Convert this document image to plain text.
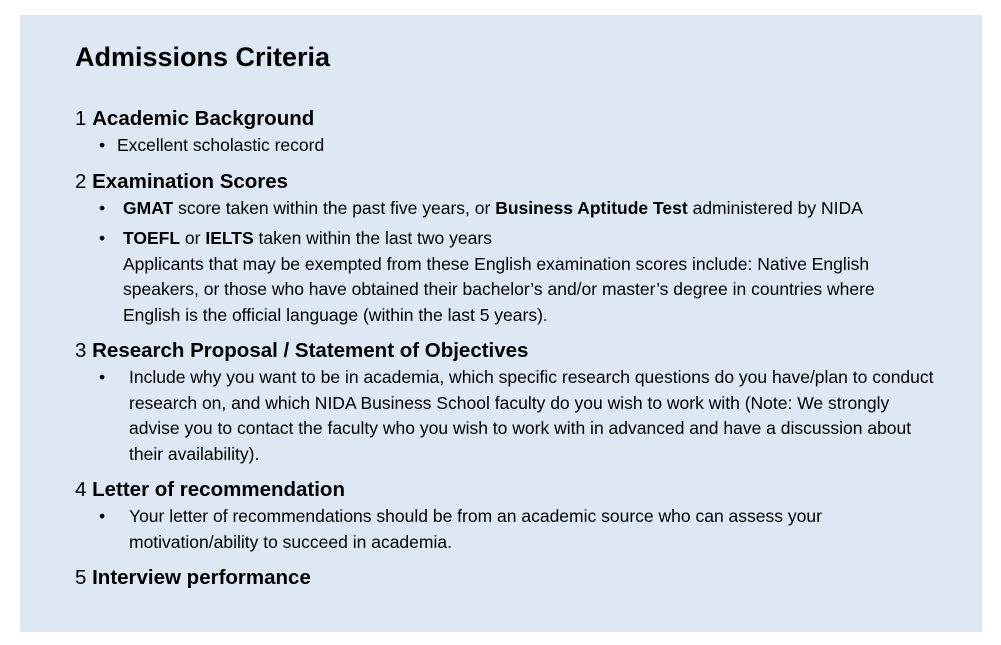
Admissions Criteria
1 Academic Background
• Excellent scholastic record
2 Examination Scores
•	GMAT score taken within the past five years, or Business Aptitude Test administered by NIDA
•	TOEFL or IELTS taken within the last two years
Applicants that may be exempted from these English examination scores include: Native English speakers, or those who have obtained their bachelor’s and/or master’s degree in countries where English is the official language (within the last 5 years).
3 Research Proposal / Statement of Objectives
•	Include why you want to be in academia, which specific research questions do you have/plan to conduct research on, and which NIDA Business School faculty do you wish to work with (Note: We strongly advise you to contact the faculty who you wish to work with in advanced and have a discussion about their availability).
4 Letter of recommendation
•	Your letter of recommendations should be from an academic source who can assess your motivation/ability to succeed in academia.
5 Interview performance
